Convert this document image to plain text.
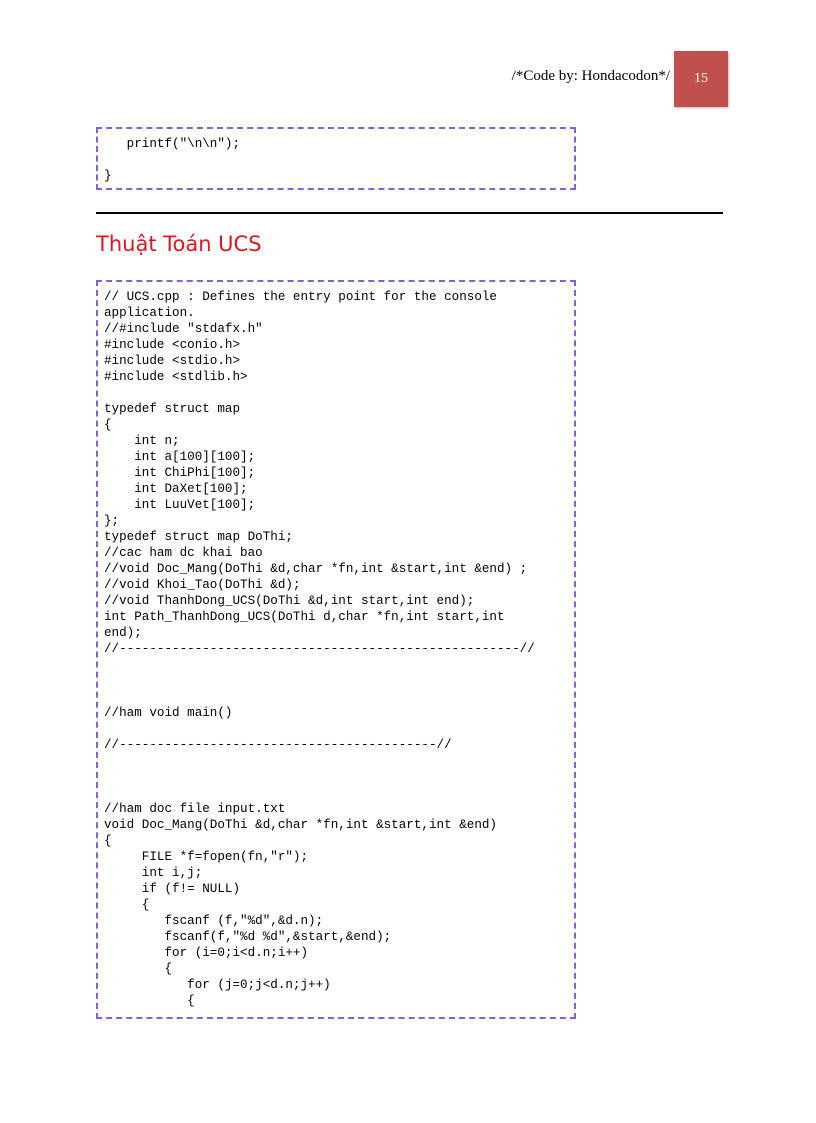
/*Code by: Hondacodon*/	15
printf("\n\n");

}
Thuật Toán UCS
// UCS.cpp : Defines the entry point for the console
application.
//#include "stdafx.h"
#include <conio.h>
#include <stdio.h>
#include <stdlib.h>

typedef struct map
{
int n;
int a[100][100];
int ChiPhi[100];
int DaXet[100];
int LuuVet[100];
};
typedef struct map DoThi;
//cac ham dc khai bao
//void Doc_Mang(DoThi &d,char *fn,int &start,int &end) ;
//void Khoi_Tao(DoThi &d);
//void ThanhDong_UCS(DoThi &d,int start,int end);
int Path_ThanhDong_UCS(DoThi d,char *fn,int start,int
end);
//-----------------------------------------------------//

//ham void main()

//------------------------------------------//

//ham doc file input.txt
void Doc_Mang(DoThi &d,char *fn,int &start,int &end)
{
FILE *f=fopen(fn,"r");
int i,j;
if (f!= NULL)
{
fscanf (f,"%d",&d.n);
fscanf(f,"%d %d",&start,&end);
for (i=0;i<d.n;i++)
{
for (j=0;j<d.n;j++)
{
